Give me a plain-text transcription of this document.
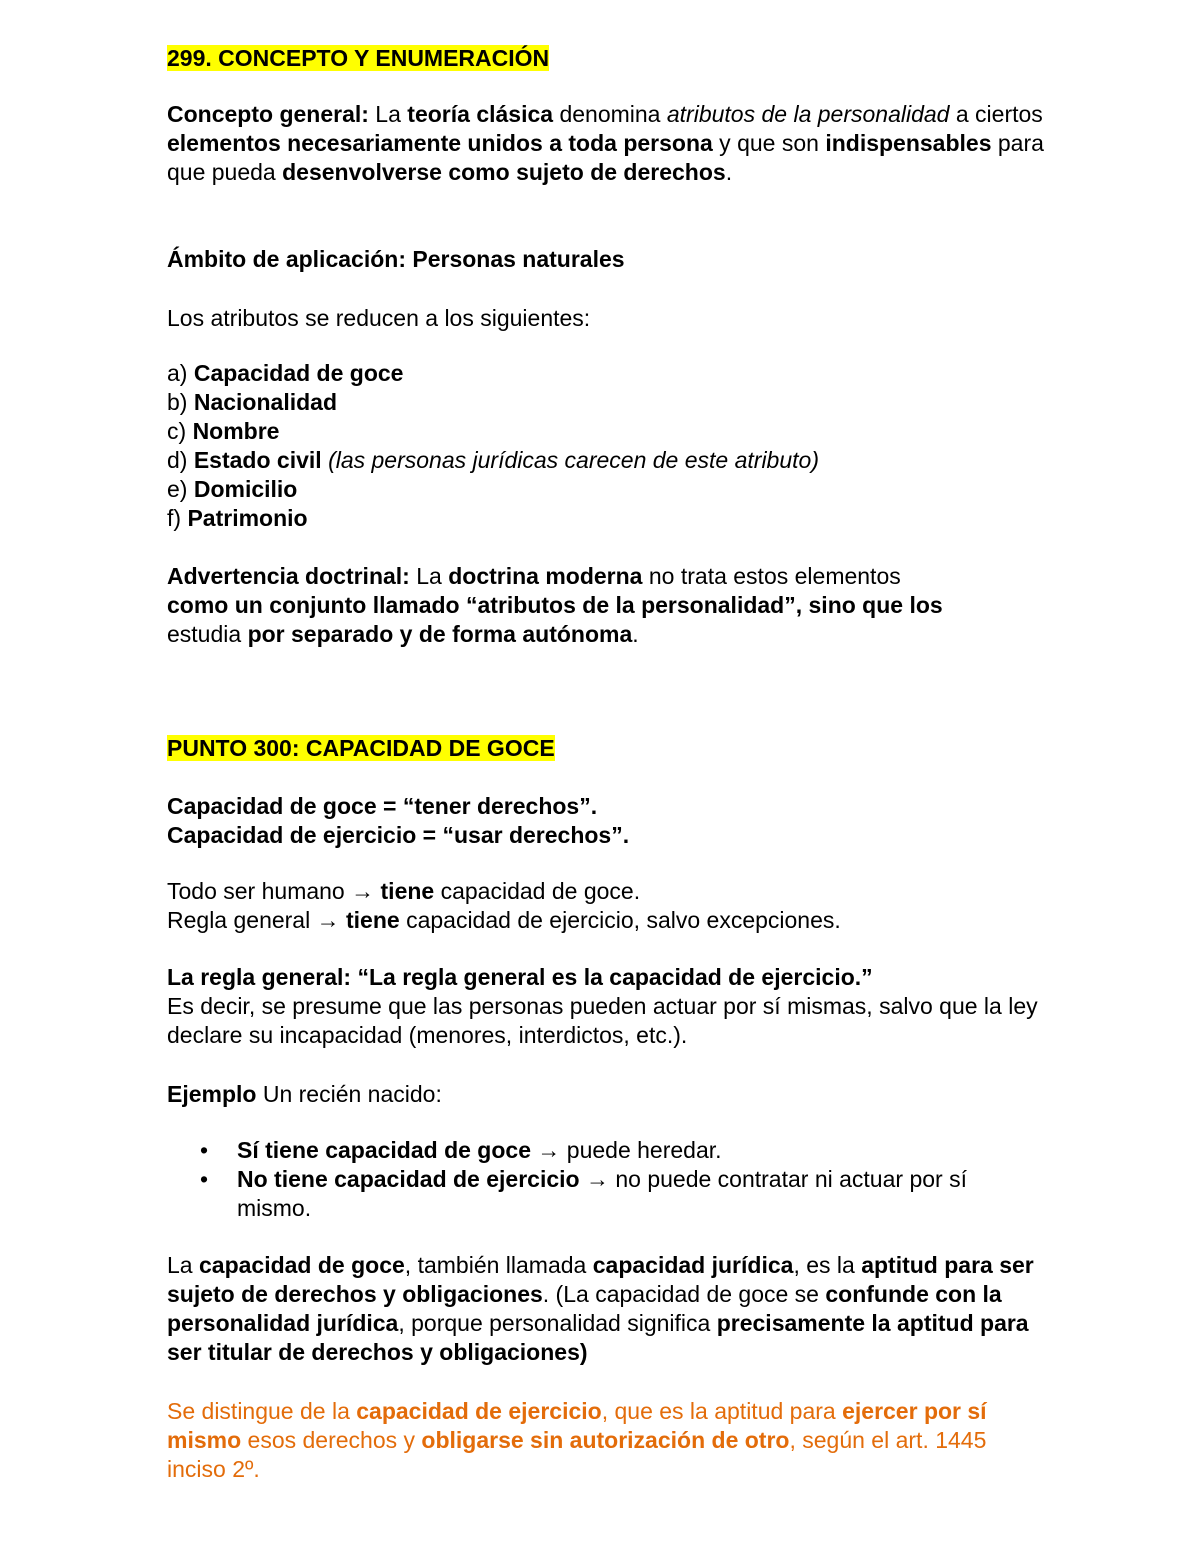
299. CONCEPTO Y ENUMERACIÓN

Concepto general: La teoría clásica denomina atributos de la personalidad a ciertos elementos necesariamente unidos a toda persona y que son indispensables para que pueda desenvolverse como sujeto de derechos.

Ámbito de aplicación: Personas naturales
Los atributos se reducen a los siguientes:
a) Capacidad de goce
b) Nacionalidad
c) Nombre
d) Estado civil (las personas jurídicas carecen de este atributo)
e) Domicilio
f) Patrimonio
Advertencia doctrinal: La doctrina moderna no trata estos elementos
como un conjunto llamado “atributos de la personalidad”, sino que los
estudia por separado y de forma autónoma.
PUNTO 300: CAPACIDAD DE GOCE
Capacidad de goce = “tener derechos”.
Capacidad de ejercicio = “usar derechos”.
Todo ser humano → tiene capacidad de goce.
Regla general → tiene capacidad de ejercicio, salvo excepciones.

La regla general: “La regla general es la capacidad de ejercicio.”
Es decir, se presume que las personas pueden actuar por sí mismas, salvo que la ley declare su incapacidad (menores, interdictos, etc.).

Ejemplo Un recién nacido:
• Sí tiene capacidad de goce → puede heredar.
• No tiene capacidad de ejercicio → no puede contratar ni actuar por sí mismo.

La capacidad de goce, también llamada capacidad jurídica, es la aptitud para ser sujeto de derechos y obligaciones. (La capacidad de goce se confunde con la personalidad jurídica, porque personalidad significa precisamente la aptitud para ser titular de derechos y obligaciones)

Se distingue de la capacidad de ejercicio, que es la aptitud para ejercer por sí mismo esos derechos y obligarse sin autorización de otro, según el art. 1445 inciso 2º.
